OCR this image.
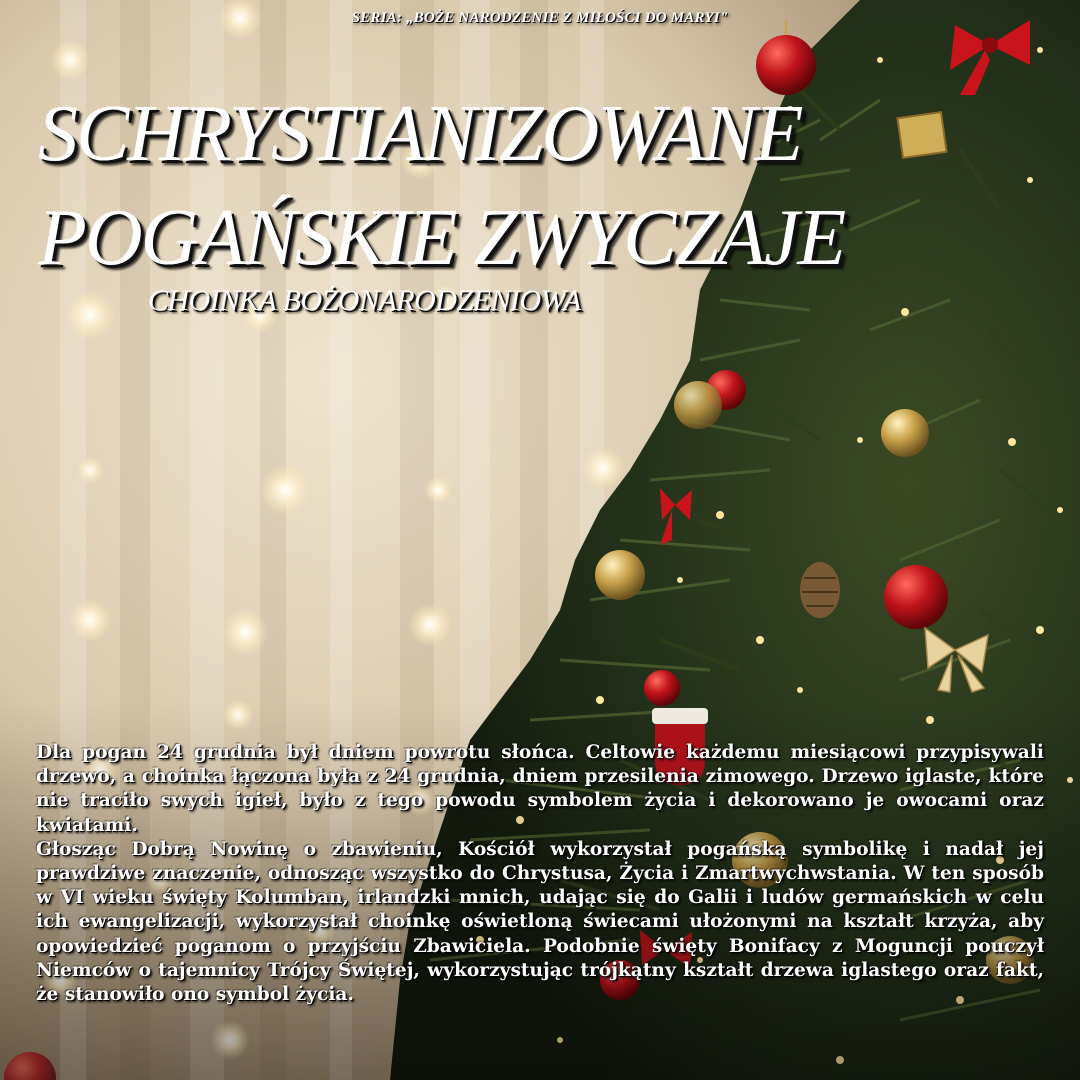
SERIA: „BOŻE NARODZENIE Z MIŁOŚCI DO MARYI"
SCHRYSTIANIZOWANE
POGAŃSKIE ZWYCZAJE
CHOINKA BOŻONARODZENIOWA

Dla pogan 24 grudnia był dniem powrotu słońca. Celtowie każdemu miesiącowi przypisywali drzewo, a choinka łączona była z 24 grudnia, dniem przesilenia zimowego. Drzewo iglaste, które nie traciło swych igieł, było z tego powodu symbolem życia i dekorowano je owocami oraz kwiatami.

Głosząc Dobrą Nowinę o zbawieniu, Kościół wykorzystał pogańską symbolikę i nadał jej prawdziwe znaczenie, odnosząc wszystko do Chrystusa, Życia i Zmartwychwstania. W ten sposób w VI wieku święty Kolumban, irlandzki mnich, udając się do Galii i ludów germańskich w celu ich ewangelizacji, wykorzystał choinkę oświetloną świecami ułożonymi na kształt krzyża, aby opowiedzieć poganom o przyjściu Zbawiciela. Podobnie święty Bonifacy z Moguncji pouczył Niemców o tajemnicy Trójcy Świętej, wykorzystując trójkątny kształt drzewa iglastego oraz fakt, że stanowiło ono symbol życia.
